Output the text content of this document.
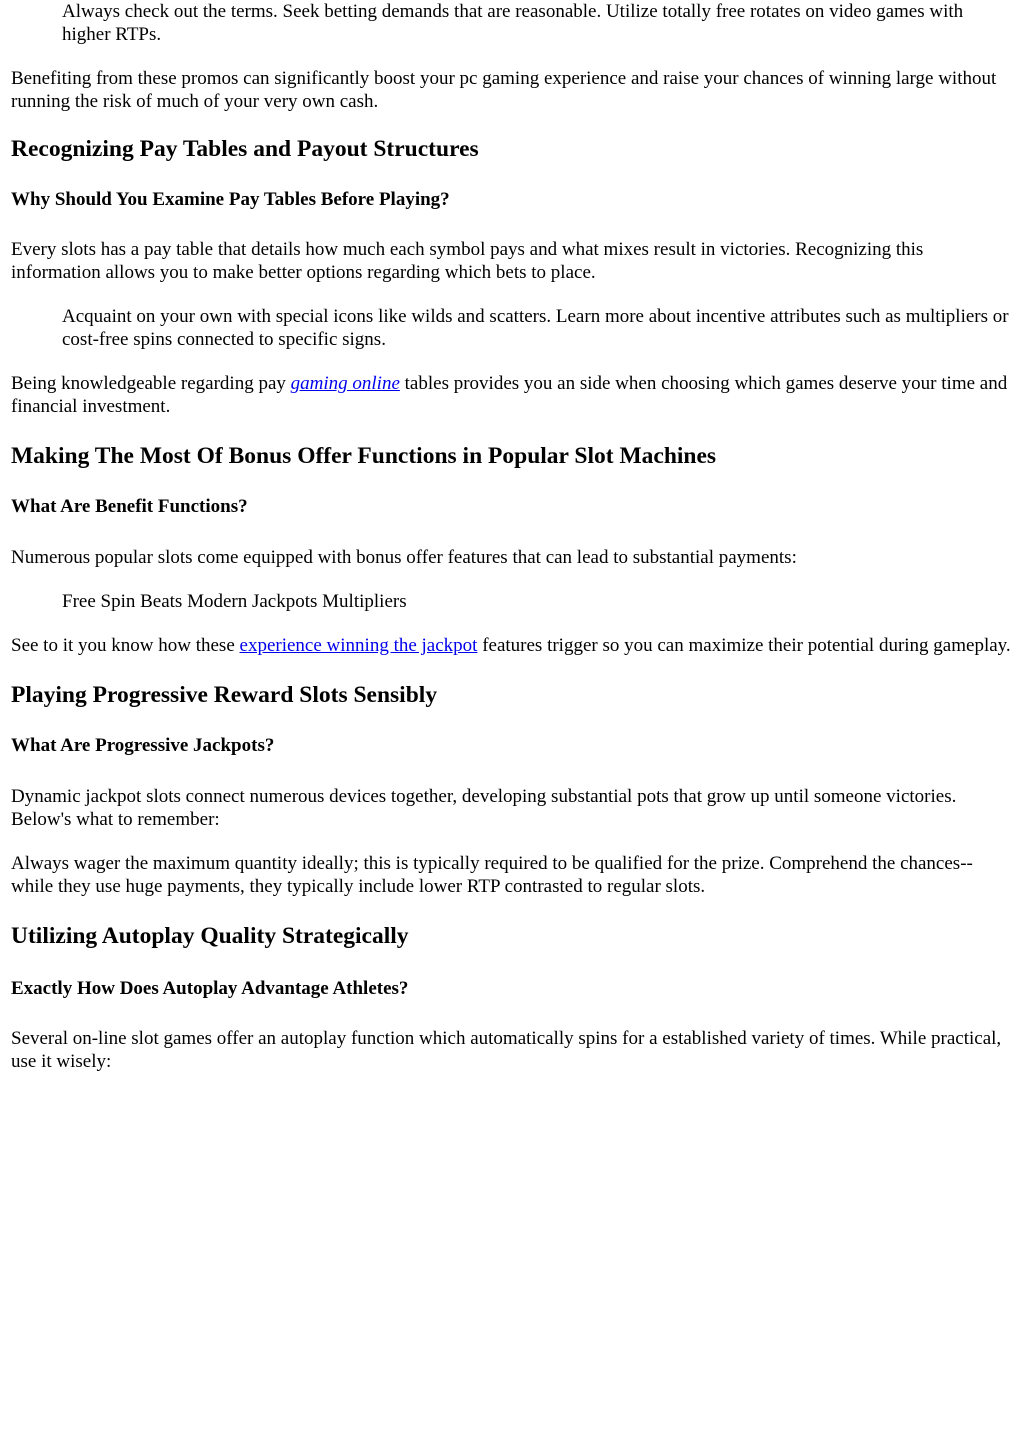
Always check out the terms. Seek betting demands that are reasonable. Utilize totally free rotates on video games with higher RTPs.

Benefiting from these promos can significantly boost your pc gaming experience and raise your chances of winning large without running the risk of much of your very own cash.

Recognizing Pay Tables and Payout Structures
Why Should You Examine Pay Tables Before Playing?

Every slots has a pay table that details how much each symbol pays and what mixes result in victories. Recognizing this information allows you to make better options regarding which bets to place.

Acquaint on your own with special icons like wilds and scatters. Learn more about incentive attributes such as multipliers or cost-free spins connected to specific signs.

Being knowledgeable regarding pay gaming online tables provides you an side when choosing which games deserve your time and financial investment.

Making The Most Of Bonus Offer Functions in Popular Slot Machines
What Are Benefit Functions?

Numerous popular slots come equipped with bonus offer features that can lead to substantial payments:

Free Spin Beats Modern Jackpots Multipliers

See to it you know how these experience winning the jackpot features trigger so you can maximize their potential during gameplay.

Playing Progressive Reward Slots Sensibly
What Are Progressive Jackpots?

Dynamic jackpot slots connect numerous devices together, developing substantial pots that grow up until someone victories. Below's what to remember:

Always wager the maximum quantity ideally; this is typically required to be qualified for the prize. Comprehend the chances-- while they use huge payments, they typically include lower RTP contrasted to regular slots.

Utilizing Autoplay Quality Strategically
Exactly How Does Autoplay Advantage Athletes?

Several on-line slot games offer an autoplay function which automatically spins for a established variety of times. While practical, use it wisely:
